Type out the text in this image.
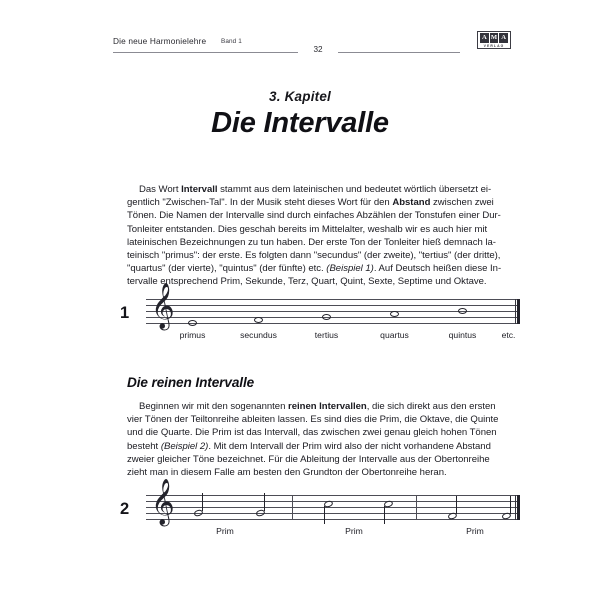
Die neue Harmonielehre Band 1
32
A M A
VERLAG
3. Kapitel
Die Intervalle
Das Wort Intervall stammt aus dem lateinischen und bedeutet wörtlich übersetzt ei-
gentlich "Zwischen-Tal". In der Musik steht dieses Wort für den Abstand zwischen zwei
Tönen. Die Namen der Intervalle sind durch einfaches Abzählen der Tonstufen einer Dur-
Tonleiter entstanden. Dies geschah bereits im Mittelalter, weshalb wir es auch hier mit
lateinischen Bezeichnungen zu tun haben. Der erste Ton der Tonleiter hieß demnach la-
teinisch "primus": der erste. Es folgten dann "secundus" (der zweite), "tertius" (der dritte),
"quartus" (der vierte), "quintus" (der fünfte) etc. (Beispiel 1). Auf Deutsch heißen diese In-
tervalle entsprechend Prim, Sekunde, Terz, Quart, Quint, Sexte, Septime und Oktave.
1 𝄞
primus	secundus	tertius	quartus	quintus	etc.
Die reinen Intervalle
Beginnen wir mit den sogenannten reinen Intervallen, die sich direkt aus den ersten
vier Tönen der Teiltonreihe ableiten lassen. Es sind dies die Prim, die Oktave, die Quinte
und die Quarte. Die Prim ist das Intervall, das zwischen zwei genau gleich hohen Tönen
besteht (Beispiel 2). Mit dem Intervall der Prim wird also der nicht vorhandene Abstand
zweier gleicher Töne bezeichnet. Für die Ableitung der Intervalle aus der Obertonreihe
zieht man in diesem Falle am besten den Grundton der Obertonreihe heran.
2 𝄞
Prim	Prim	Prim
